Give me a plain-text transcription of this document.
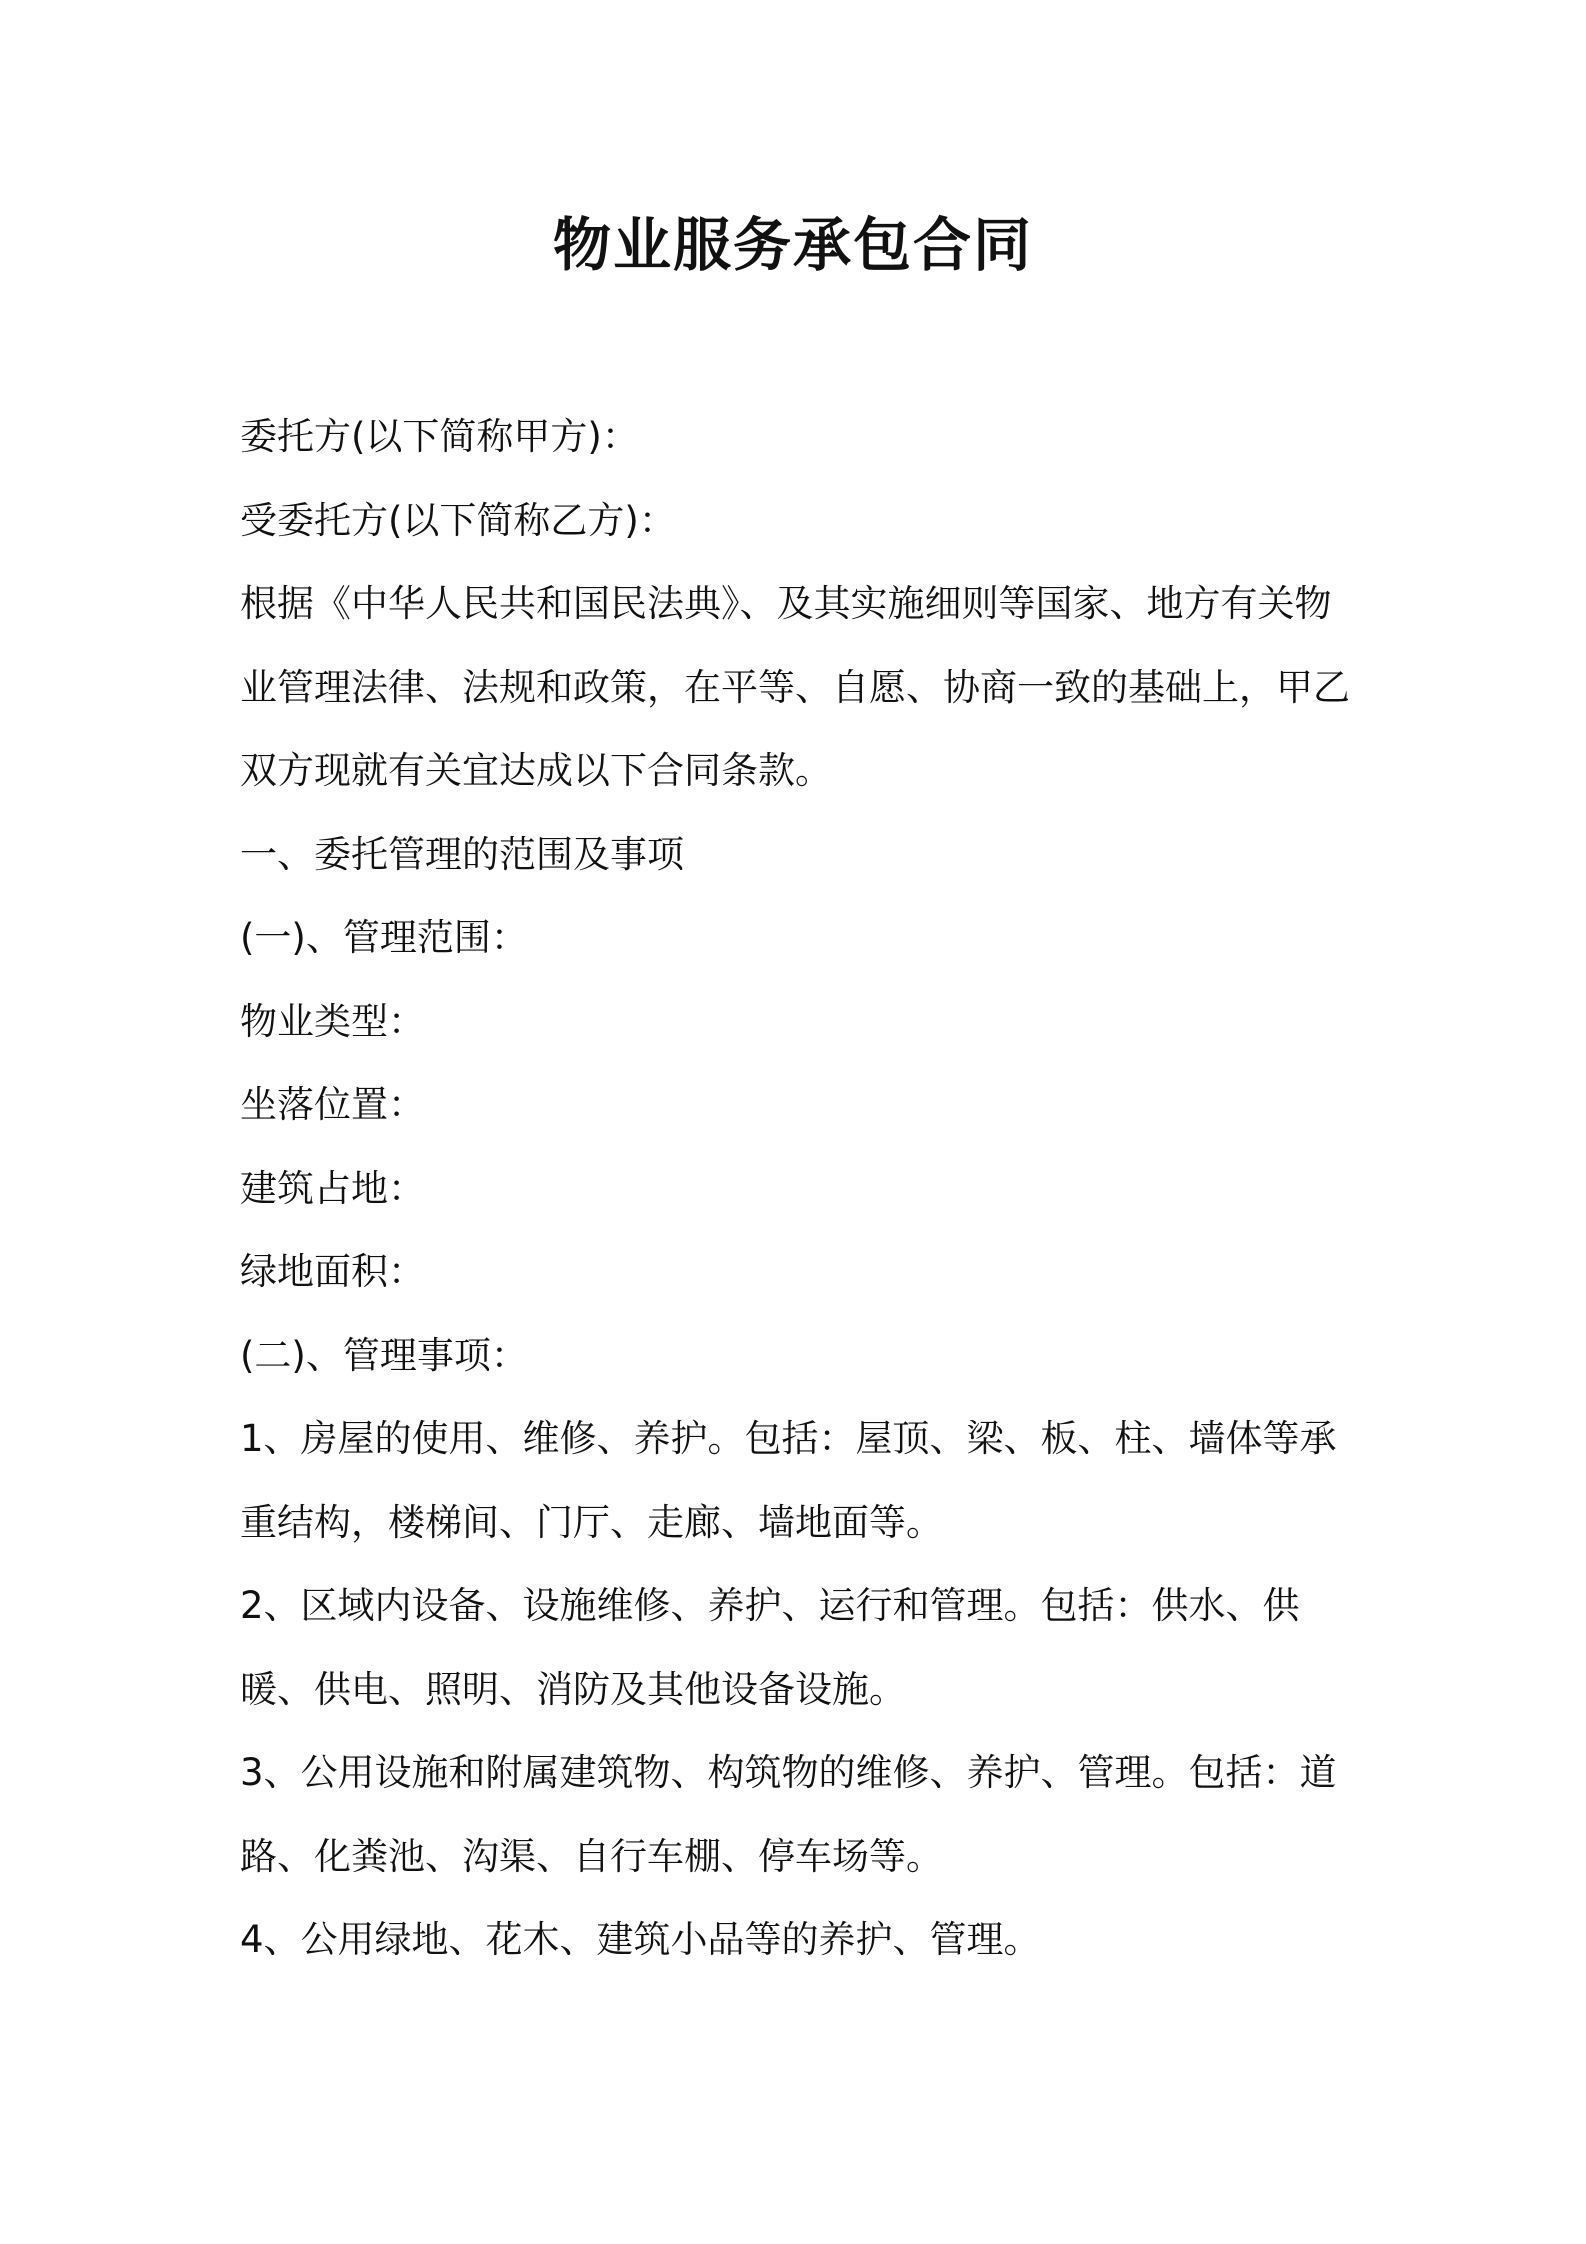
物业服务承包合同

委托方(以下简称甲方)：

受委托方(以下简称乙方)：

根据《中华人民共和国民法典》、及其实施细则等国家、地方有关物业管理法律、法规和政策，在平等、自愿、协商一致的基础上，甲乙双方现就有关宜达成以下合同条款。

一、委托管理的范围及事项

(一)、管理范围：

物业类型：

坐落位置：

建筑占地：

绿地面积：

(二)、管理事项：

1、房屋的使用、维修、养护。包括：屋顶、梁、板、柱、墙体等承重结构，楼梯间、门厅、走廊、墙地面等。

2、区域内设备、设施维修、养护、运行和管理。包括：供水、供暖、供电、照明、消防及其他设备设施。

3、公用设施和附属建筑物、构筑物的维修、养护、管理。包括：道路、化粪池、沟渠、自行车棚、停车场等。

4、公用绿地、花木、建筑小品等的养护、管理。
